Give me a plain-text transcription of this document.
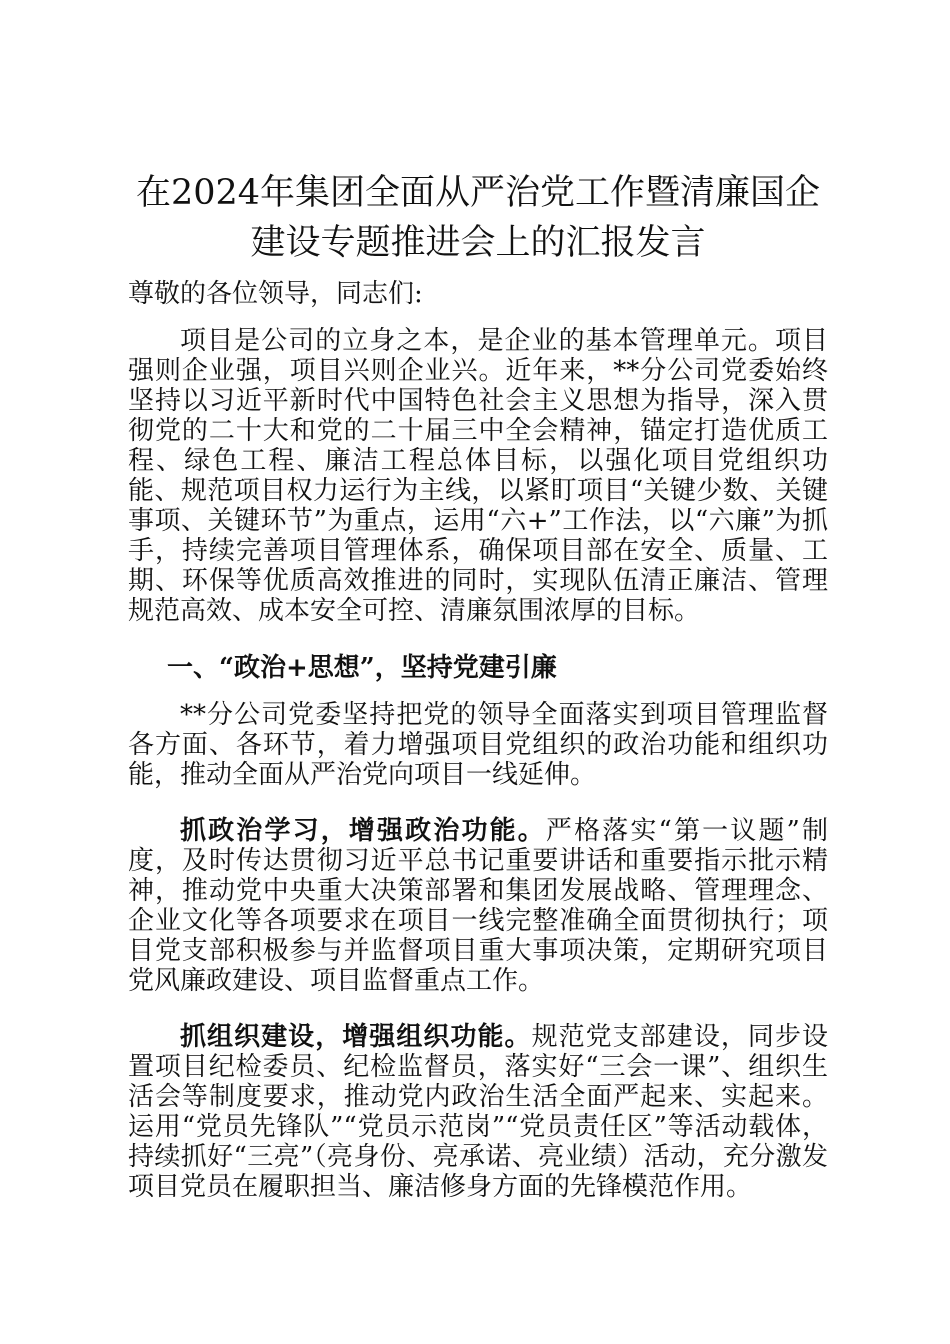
在2024年集团全面从严治党工作暨清廉国企
建设专题推进会上的汇报发言

尊敬的各位领导，同志们:

项目是公司的立身之本，是企业的基本管理单元。项目强则企业强，项目兴则企业兴。近年来，**分公司党委始终坚持以习近平新时代中国特色社会主义思想为指导，深入贯彻党的二十大和党的二十届三中全会精神，锚定打造优质工程、绿色工程、廉洁工程总体目标，以强化项目党组织功能、规范项目权力运行为主线，以紧盯项目“关键少数、关键事项、关键环节”为重点，运用“六+”工作法，以“六廉”为抓手，持续完善项目管理体系，确保项目部在安全、质量、工期、环保等优质高效推进的同时，实现队伍清正廉洁、管理规范高效、成本安全可控、清廉氛围浓厚的目标。

一、“政治+思想”，坚持党建引廉

**分公司党委坚持把党的领导全面落实到项目管理监督各方面、各环节，着力增强项目党组织的政治功能和组织功能，推动全面从严治党向项目一线延伸。

抓政治学习，增强政治功能。严格落实“第一议题”制度，及时传达贯彻习近平总书记重要讲话和重要指示批示精神，推动党中央重大决策部署和集团发展战略、管理理念、企业文化等各项要求在项目一线完整准确全面贯彻执行；项目党支部积极参与并监督项目重大事项决策，定期研究项目党风廉政建设、项目监督重点工作。

抓组织建设，增强组织功能。规范党支部建设，同步设置项目纪检委员、纪检监督员，落实好“三会一课”、组织生活会等制度要求，推动党内政治生活全面严起来、实起来。运用“党员先锋队”“党员示范岗”“党员责任区”等活动载体，持续抓好“三亮”（亮身份、亮承诺、亮业绩）活动，充分激发项目党员在履职担当、廉洁修身方面的先锋模范作用。
